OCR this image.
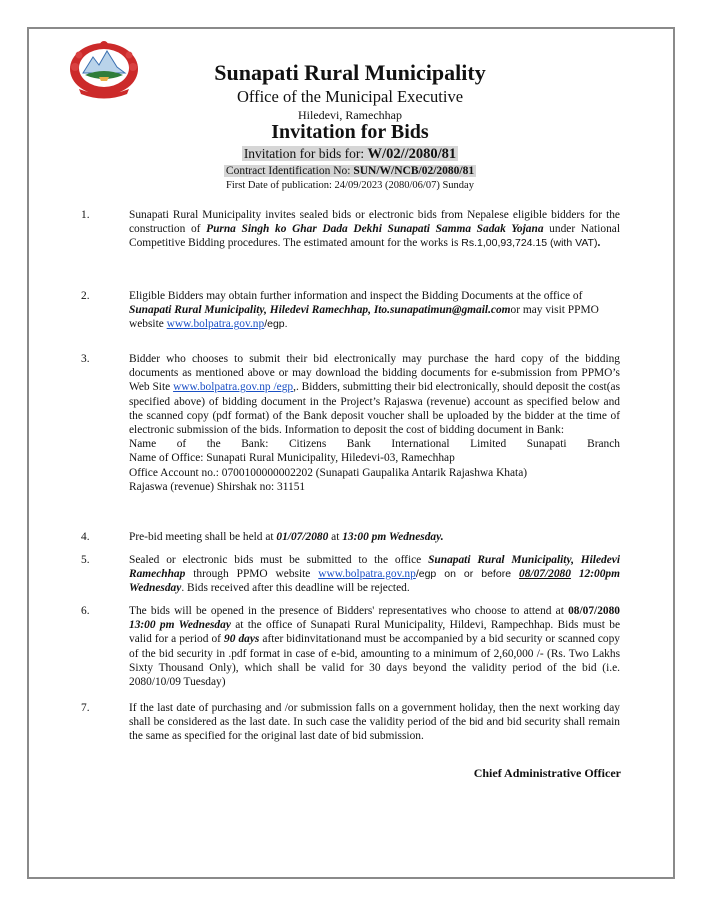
Sunapati Rural Municipality
Office of the Municipal Executive
Hiledevi, Ramechhap
Invitation for Bids
Invitation for bids for: W/02//2080/81
Contract Identification No: SUN/W/NCB/02/2080/81
First Date of publication: 24/09/2023 (2080/06/07) Sunday
1.	Sunapati Rural Municipality invites sealed bids or electronic bids from Nepalese eligible bidders for the construction of Purna Singh ko Ghar Dada Dekhi Sunapati Samma Sadak Yojana under National Competitive Bidding procedures. The estimated amount for the works is Rs.1,00,93,724.15 (with VAT).

2.	Eligible Bidders may obtain further information and inspect the Bidding Documents at the office of Sunapati Rural Municipality, Hiledevi Ramechhap, Ito.sunapatimun@gmail.comor may visit PPMO website www.bolpatra.gov.np/egp.

3.	Bidder who chooses to submit their bid electronically may purchase the hard copy of the bidding documents as mentioned above or may download the bidding documents for e-submission from PPMO’s Web Site www.bolpatra.gov.np /egp,. Bidders, submitting their bid electronically, should deposit the cost(as specified above) of bidding document in the Project’s Rajaswa (revenue) account as specified below and the scanned copy (pdf format) of the Bank deposit voucher shall be uploaded by the bidder at the time of electronic submission of the bids. Information to deposit the cost of bidding document in Bank:

Name of the Bank: Citizens Bank International Limited Sunapati Branch

Name of Office: Sunapati Rural Municipality, Hiledevi-03, Ramechhap

Office Account no.: 0700100000002202 (Sunapati Gaupalika Antarik Rajashwa Khata)

Rajaswa (revenue) Shirshak no: 31151

4.	Pre-bid meeting shall be held at 01/07/2080 at 13:00 pm Wednesday.

5.	Sealed or electronic bids must be submitted to the office Sunapati Rural Municipality, Hiledevi Ramechhap through PPMO website www.bolpatra.gov.np/egp on or before 08/07/2080 12:00pm Wednesday. Bids received after this deadline will be rejected.

6.	The bids will be opened in the presence of Bidders' representatives who choose to attend at 08/07/2080 13:00 pm Wednesday at the office of Sunapati Rural Municipality, Hildevi, Rampechhap. Bids must be valid for a period of 90 days after bidinvitationand must be accompanied by a bid security or scanned copy of the bid security in .pdf format in case of e-bid, amounting to a minimum of 2,60,000 /- (Rs. Two Lakhs Sixty Thousand Only), which shall be valid for 30 days beyond the validity period of the bid (i.e. 2080/10/09 Tuesday)

7.	If the last date of purchasing and /or submission falls on a government holiday, then the next working day shall be considered as the last date. In such case the validity period of the bid and bid security shall remain the same as specified for the original last date of bid submission.

Chief Administrative Officer
